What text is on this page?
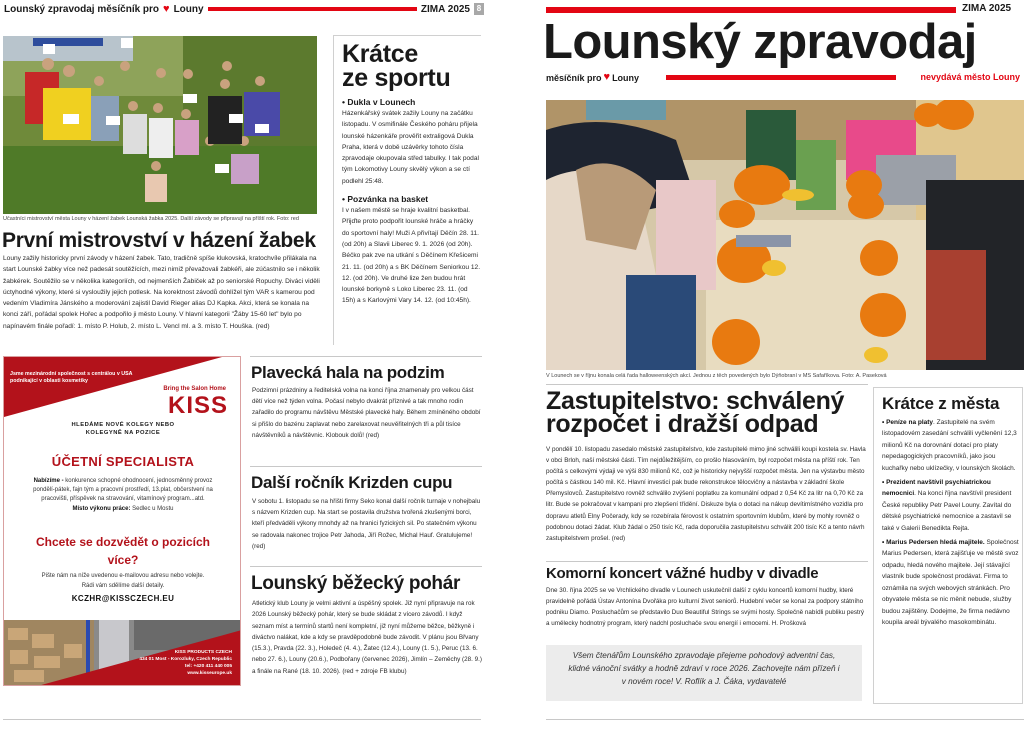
Lounský zpravodaj měsíčník pro ♥ Louny	ZIMA 2025 8
Účastníci mistrovství města Louny v házení žabek Lounská žabka 2025. Další závody se připravují na příští rok. Foto: red
První mistrovství v házení žabek
Louny zažily historicky první závody v házení žabek. Tato, tradičně spíše klukovská, kratochvíle přilákala na start Lounské žabky více než padesát soutěžících, mezi nimiž převažovali žabkéři, ale zúčastnilo se i několik žabkérek. Soutěžilo se v několika kategoriích, od nejmenších Žabiček až po seniorské Ropuchy. Diváci viděli úctyhodné výkony, které si vysloužily jejich potlesk. Na korektnost závodů dohlížel tým VAR s kamerou pod vedením Vladimíra Jánského a moderování zajistil David Rieger alias DJ Kapka. Akci, která se konala na konci září, pořádal spolek Hořec a podpořilo ji město Louny. V hlavní kategorii "Žáby 15-60 let" bylo po napínavém finále pořadí: 1. místo P. Holub, 2. místo L. Vencl ml. a 3. místo T. Houška. (red)
Krátce
ze sportu
• Dukla v Lounech
Házenkářský svátek zažily Louny na začátku listopadu. V osmifinále Českého poháru přijela lounské házenkáře prověřit extraligová Dukla Praha, která v době uzávěrky tohoto čísla zpravodaje okupovala střed tabulky. I tak podal tým Lokomotivy Louny skvělý výkon a se ctí podlehl 25:48.
• Pozvánka na basket
I v našem městě se hraje kvalitní basketbal. Přijďte proto podpořit lounské hráče a hráčky do sportovní haly! Muži A přivítají Děčín 28. 11. (od 20h) a Slavii Liberec 9. 1. 2026 (od 20h). Béčko pak zve na utkání s Děčínem Křešicemi 21. 11. (od 20h) a s BK Děčínem Seniorkou 12. 12. (od 20h). Ve druhé lize žen budou hrát lounské borkyně s Loko Liberec 23. 11. (od 15h) a s Karlovými Vary 14. 12. (od 10:45h).
Jsme mezinárodní společnost s centrálou v USA podnikající v oblasti kosmetiky
Bring the Salon Home
KISS
HLEDÁME NOVÉ KOLEGY NEBO KOLEGYNĚ NA POZICE
ÚČETNÍ SPECIALISTA
Nabízíme - konkurence schopné ohodnocení, jednosměnný provoz pondělí-pátek, fajn tým a pracovní prostředí, 13.plat, občerstvení na pracovišti, příspěvek na stravování, vitamínový program...atd.
Místo výkonu práce: Sedlec u Mostu
Chcete se dozvědět o pozicích více?
Pište nám na níže uvedenou e-mailovou adresu nebo volejte.
Rádi vám sdělíme další detaily.
KCZHR@KISSCZECH.EU
KISS PRODUCTS CZECH
434 01 Most - Korozluky, Czech Republic
tel: +420 411 440 005
www.kisseurope.uk
Plavecká hala na podzim
Podzimní prázdniny a ředitelská volna na konci října znamenaly pro velkou část dětí více než týden volna. Počasí nebylo dvakrát příznivé a tak mnoho rodin zařadilo do programu návštěvu Městské plavecké haly. Během zmíněného období si přišlo do bazénu zaplavat nebo zarelaxovat neuvěřitelných tři a půl tisíce návštěvníků a návštěvnic. Klobouk dolů! (red)
Další ročník Krizden cupu
V sobotu 1. listopadu se na hřišti firmy Seko konal další ročník turnaje v nohejbalu s názvem Krizden cup. Na start se postavila družstva tvořená zkušenými borci, kteří předváděli výkony mnohdy až na hranici fyzických sil. Po statečném výkonu se radovala nakonec trojice Petr Jahoda, Jiří Rožec, Michal Hauf. Gratulujeme! (red)
Lounský běžecký pohár
Atletický klub Louny je velmi aktivní a úspěšný spolek. Již nyní připravuje na rok 2026 Lounský běžecký pohár, který se bude skládat z vícero závodů. I když seznam míst a termínů startů není kompletní, již nyní můžeme běžce, běžkyně i diváctvo nalákat, kde a kdy se pravděpodobně bude závodit. V plánu jsou Břvany (15.3.), Pravda (22. 3.), Holedeč (4. 4.), Žatec (12.4.), Louny (1. 5.), Peruc (13. 6. nebo 27. 6.), Louny (20.6.), Podbořany (červenec 2026), Jimlín – Zeměchy (28. 9.) a finále na Rané (18. 10. 2026). (red + zdroje FB klubu)
ZIMA 2025
Lounský zpravodaj
měsíčník pro ♥ Louny	nevydává město Louny
V Lounech se v říjnu konala celá řada halloweenských akcí. Jednou z těch povedených bylo Dýňobraní v MŠ Šafaříkova. Foto: A. Paseková
Zastupitelstvo: schválený
rozpočet i dražší odpad
V pondělí 10. listopadu zasedalo městské zastupitelstvo, kde zastupitelé mimo jiné schválili koupi kostela sv. Havla v obci Brloh, naší městské části. Tím nejdůležitějším, co prošlo hlasováním, byl rozpočet města na příští rok. Ten počítá s celkovými výdaji ve výši 830 milionů Kč, což je historicky nejvyšší rozpočet města. Jen na výstavbu město počítá s částkou 140 mil. Kč. Hlavní investicí pak bude rekonstrukce tělocvičny a nástavba v základní škole Přemyslovců. Zastupitelstvo rovněž schválilo zvýšení poplatku za komunální odpad z 0,54 Kč za litr na 0,70 Kč za litr. Bude se pokračovat v kampani pro zlepšení třídění. Diskuze byla o dotaci na nákup devítimístného vozidla pro dopravu atletů Elny Počerady, kdy se rozebírala férovost k ostatním sportovním klubům, které by mohly rovněž o podobnou dotaci žádat. Klub žádal o 250 tisíc Kč, rada doporučila zastupitelstvu schválit 200 tisíc Kč a tento návrh zastupitelstvem prošel. (red)
Komorní koncert vážné hudby v divadle
Dne 30. října 2025 se ve Vrchlického divadle v Lounech uskutečnil další z cyklu koncertů komorní hudby, které pravidelně pořádá Ústav Antonína Dvořáka pro kulturní život seniorů. Hudební večer se konal za podpory státního podniku Diamo. Posluchačům se představilo Duo Beautiful Strings se svými hosty. Společně nabídli publiku pestrý a umělecky hodnotný program, který nadchl posluchače svou energií i emocemi. H. Prošková
Všem čtenářům Lounského zpravodaje přejeme pohodový adventní čas, klidné vánoční svátky a hodně zdraví v roce 2026. Zachovejte nám přízeň i v novém roce! V. Roflík a J. Čáka, vydavatelé
Krátce z města
• Peníze na platy. Zastupitelé na svém listopadovém zasedání schválili vyčlenění 12,3 milionů Kč na dorovnání dotací pro platy nepedagogických pracovníků, jako jsou kuchařky nebo uklízečky, v lounských školách.
• Prezident navštívil psychiatrickou nemocnici. Na konci října navštívil president České republiky Petr Pavel Louny. Zavítal do dětské psychiatrické nemocnice a zastavil se také v Galerii Benedikta Rejta.
• Marius Pedersen hledá majitele. Společnost Marius Pedersen, která zajišťuje ve městě svoz odpadu, hledá nového majitele. Její stávající vlastník bude společnost prodávat. Firma to oznámila na svých webových stránkách. Pro obyvatele města se nic měnit nebude, služby budou zajištěny. Dodejme, že firma nedávno koupila areál bývalého masokombinátu.
